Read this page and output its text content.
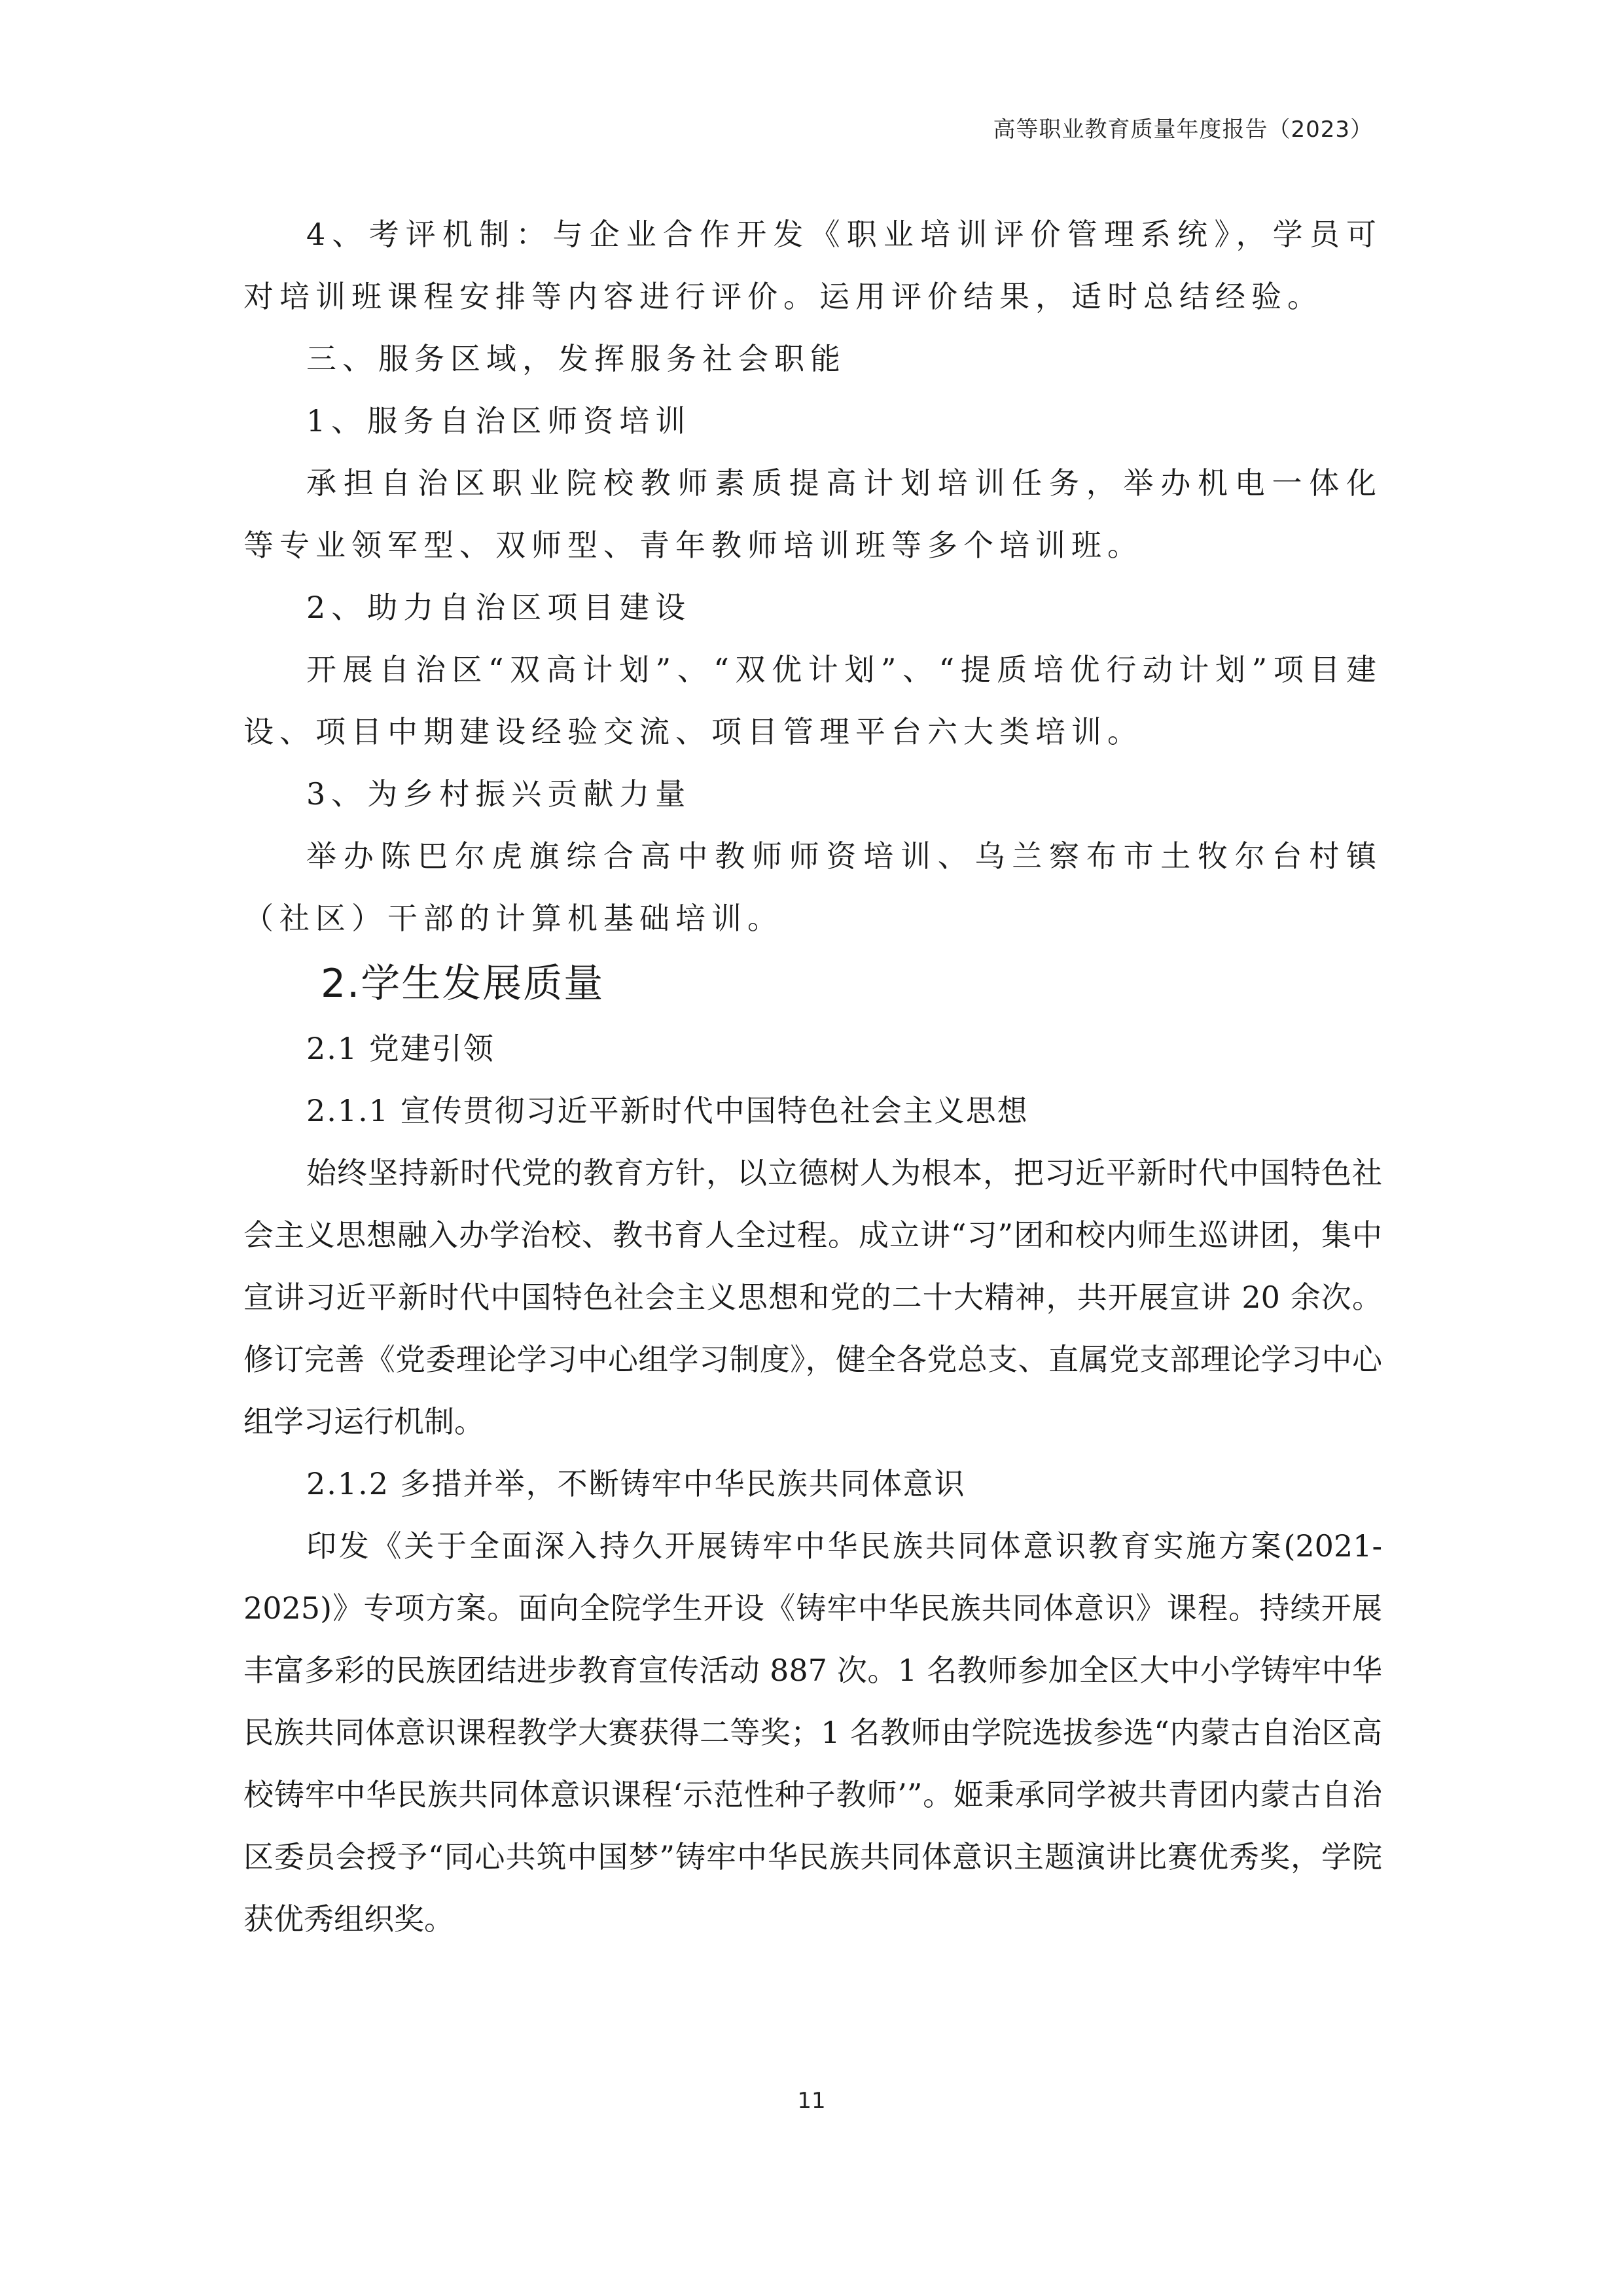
高等职业教育质量年度报告（2023）

4、考评机制：与企业合作开发《职业培训评价管理系统》，学员可对培训班课程安排等内容进行评价。运用评价结果，适时总结经验。

三、服务区域，发挥服务社会职能

1、服务自治区师资培训

承担自治区职业院校教师素质提高计划培训任务，举办机电一体化等专业领军型、双师型、青年教师培训班等多个培训班。

2、助力自治区项目建设

开展自治区“双高计划”、“双优计划”、“提质培优行动计划”项目建设、项目中期建设经验交流、项目管理平台六大类培训。

3、为乡村振兴贡献力量

举办陈巴尔虎旗综合高中教师师资培训、乌兰察布市土牧尔台村镇（社区）干部的计算机基础培训。

2.学生发展质量

2.1 党建引领

2.1.1 宣传贯彻习近平新时代中国特色社会主义思想

始终坚持新时代党的教育方针，以立德树人为根本，把习近平新时代中国特色社会主义思想融入办学治校、教书育人全过程。成立讲“习”团和校内师生巡讲团，集中宣讲习近平新时代中国特色社会主义思想和党的二十大精神，共开展宣讲 20 余次。修订完善《党委理论学习中心组学习制度》，健全各党总支、直属党支部理论学习中心组学习运行机制。

2.1.2 多措并举，不断铸牢中华民族共同体意识

印发《关于全面深入持久开展铸牢中华民族共同体意识教育实施方案(2021-2025)》专项方案。面向全院学生开设《铸牢中华民族共同体意识》课程。持续开展丰富多彩的民族团结进步教育宣传活动 887 次。1 名教师参加全区大中小学铸牢中华民族共同体意识课程教学大赛获得二等奖；1 名教师由学院选拔参选“内蒙古自治区高校铸牢中华民族共同体意识课程‘示范性种子教师’”。姬秉承同学被共青团内蒙古自治区委员会授予“同心共筑中国梦”铸牢中华民族共同体意识主题演讲比赛优秀奖，学院获优秀组织奖。

11
